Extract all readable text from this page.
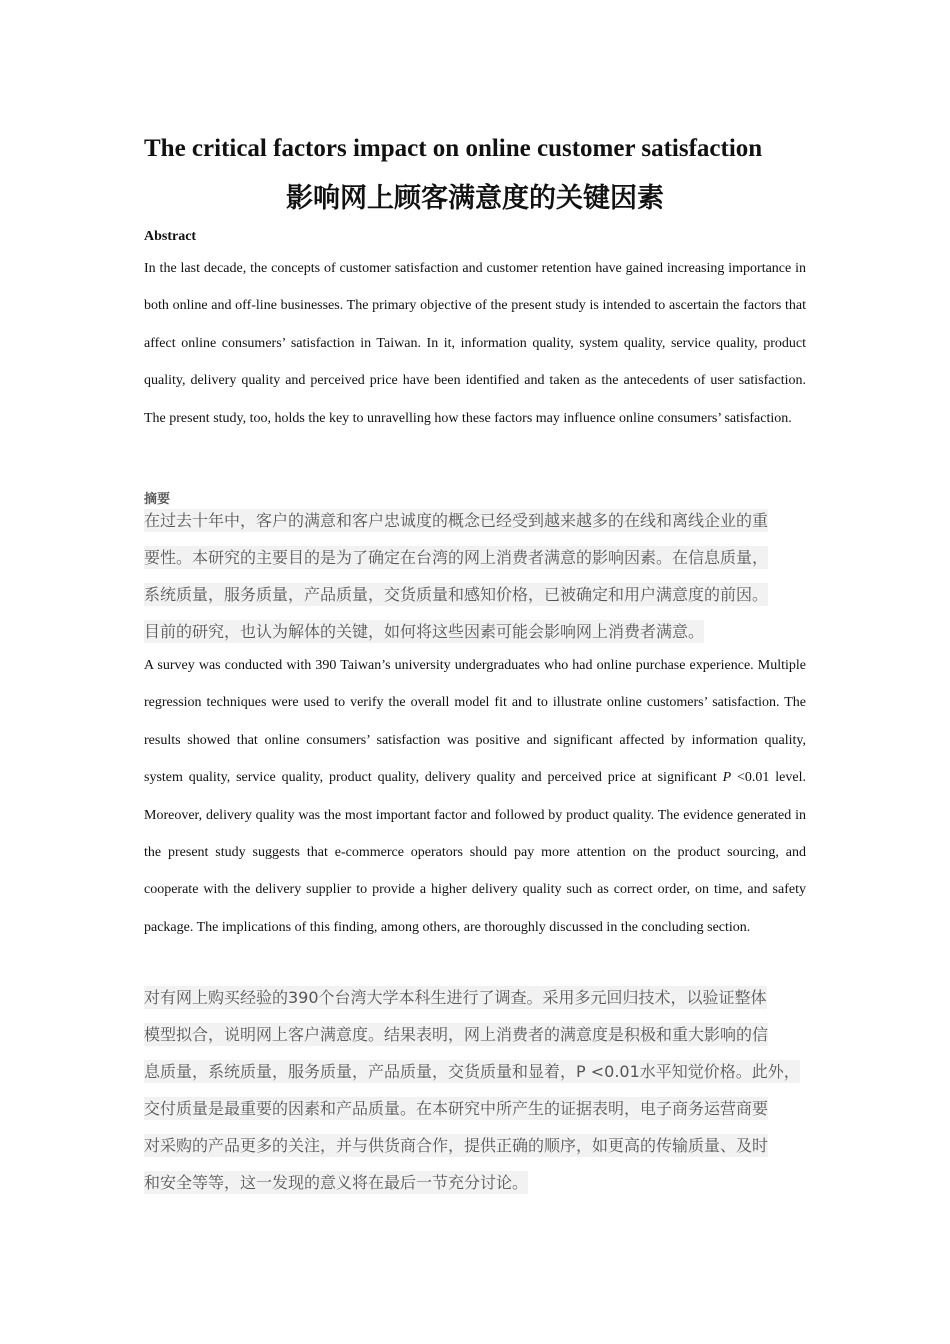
The critical factors impact on online customer satisfaction
影响网上顾客满意度的关键因素
Abstract
In the last decade, the concepts of customer satisfaction and customer retention have gained increasing importance in both online and off-line businesses. The primary objective of the present study is intended to ascertain the factors that affect online consumers’ satisfaction in Taiwan. In it, information quality, system quality, service quality, product quality, delivery quality and perceived price have been identified and taken as the antecedents of user satisfaction. The present study, too, holds the key to unravelling how these factors may influence online consumers’ satisfaction.
摘要
在过去十年中，客户的满意和客户忠诚度的概念已经受到越来越多的在线和离线企业的重
要性。本研究的主要目的是为了确定在台湾的网上消费者满意的影响因素。在信息质量，
系统质量，服务质量，产品质量，交货质量和感知价格，已被确定和用户满意度的前因。
目前的研究，也认为解体的关键，如何将这些因素可能会影响网上消费者满意。
A survey was conducted with 390 Taiwan’s university undergraduates who had online purchase experience. Multiple regression techniques were used to verify the overall model fit and to illustrate online customers’ satisfaction. The results showed that online consumers’ satisfaction was positive and significant affected by information quality, system quality, service quality, product quality, delivery quality and perceived price at significant P <0.01 level. Moreover, delivery quality was the most important factor and followed by product quality. The evidence generated in the present study suggests that e-commerce operators should pay more attention on the product sourcing, and cooperate with the delivery supplier to provide a higher delivery quality such as correct order, on time, and safety package. The implications of this finding, among others, are thoroughly discussed in the concluding section.
对有网上购买经验的390个台湾大学本科生进行了调查。采用多元回归技术，以验证整体
模型拟合，说明网上客户满意度。结果表明，网上消费者的满意度是积极和重大影响的信
息质量，系统质量，服务质量，产品质量，交货质量和显着，P <0.01水平知觉价格。此外，
交付质量是最重要的因素和产品质量。在本研究中所产生的证据表明，电子商务运营商要
对采购的产品更多的关注，并与供货商合作，提供正确的顺序，如更高的传输质量、及时
和安全等等，这一发现的意义将在最后一节充分讨论。
